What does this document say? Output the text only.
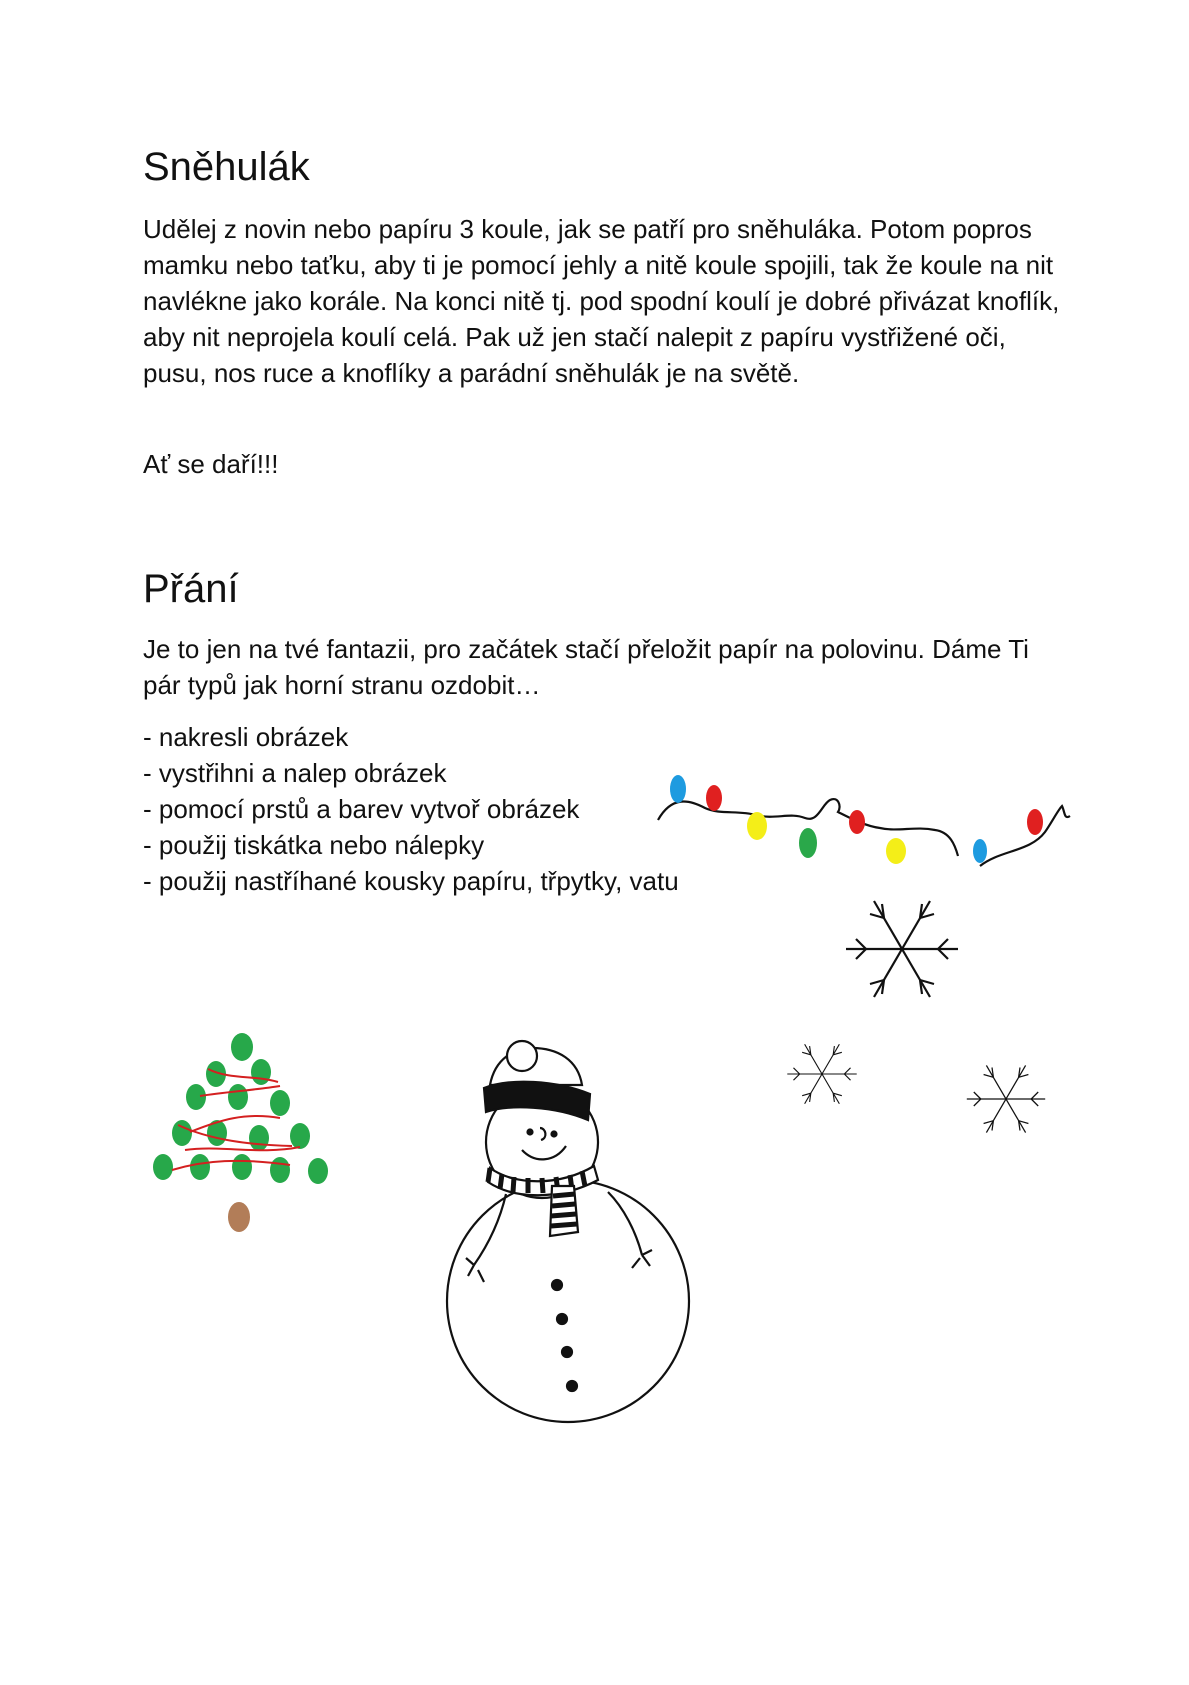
Sněhulák

Udělej z novin nebo papíru 3 koule, jak se patří pro sněhuláka. Potom popros mamku nebo taťku, aby ti je pomocí jehly a nitě koule spojili, tak že koule na nit navlékne jako korále. Na konci nitě tj. pod spodní koulí je dobré přivázat knoflík, aby nit neprojela koulí celá. Pak už jen stačí nalepit z papíru vystřižené oči, pusu, nos ruce a knoflíky a parádní sněhulák je na světě.

Ať se daří!!!

Přání

Je to jen na tvé fantazii, pro začátek stačí přeložit papír na polovinu. Dáme Ti pár typů jak horní stranu ozdobit…

- nakresli obrázek
- vystřihni a nalep obrázek
- pomocí prstů a barev vytvoř obrázek
- použij tiskátka nebo nálepky
- použij nastříhané kousky papíru, třpytky, vatu
